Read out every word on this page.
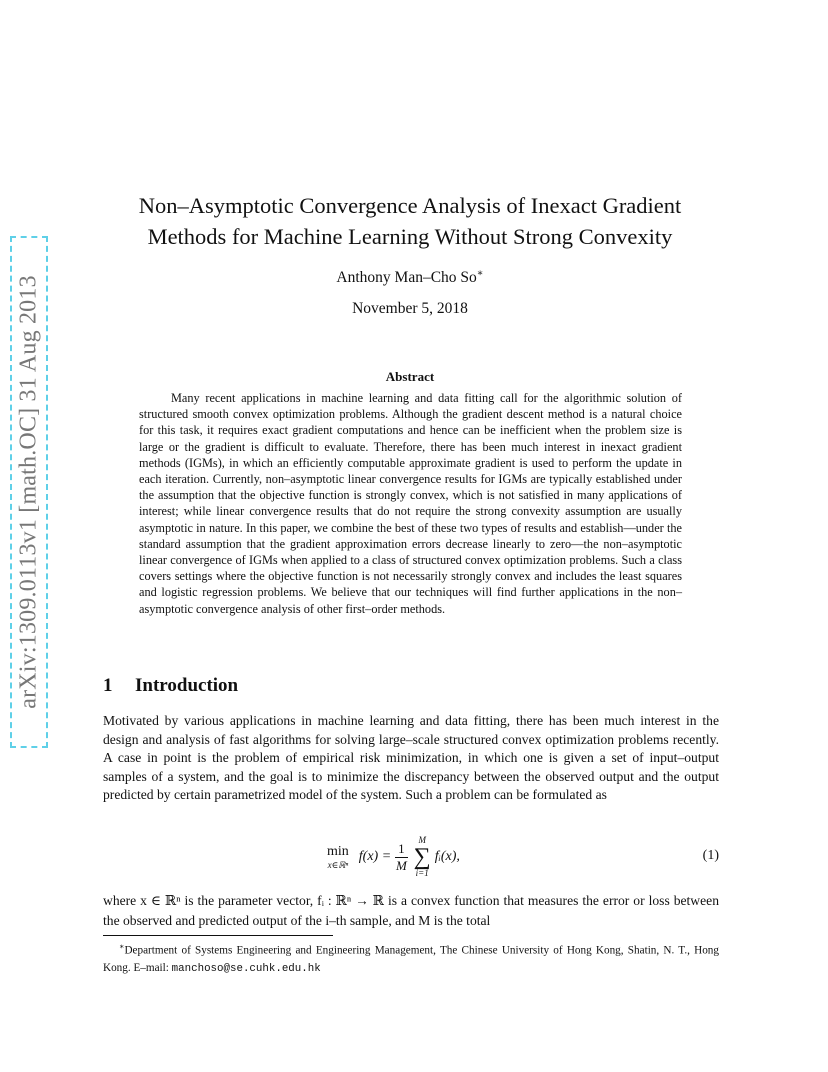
arXiv:1309.0113v1 [math.OC] 31 Aug 2013
Non–Asymptotic Convergence Analysis of Inexact Gradient
Methods for Machine Learning Without Strong Convexity
Anthony Man–Cho So∗
November 5, 2018
Abstract
Many recent applications in machine learning and data fitting call for the algorithmic solution of structured smooth convex optimization problems. Although the gradient descent method is a natural choice for this task, it requires exact gradient computations and hence can be inefficient when the problem size is large or the gradient is difficult to evaluate. Therefore, there has been much interest in inexact gradient methods (IGMs), in which an efficiently computable approximate gradient is used to perform the update in each iteration. Currently, non–asymptotic linear convergence results for IGMs are typically established under the assumption that the objective function is strongly convex, which is not satisfied in many applications of interest; while linear convergence results that do not require the strong convexity assumption are usually asymptotic in nature. In this paper, we combine the best of these two types of results and establish—under the standard assumption that the gradient approximation errors decrease linearly to zero—the non–asymptotic linear convergence of IGMs when applied to a class of structured convex optimization problems. Such a class covers settings where the objective function is not necessarily strongly convex and includes the least squares and logistic regression problems. We believe that our techniques will find further applications in the non–asymptotic convergence analysis of other first–order methods.
1 Introduction
Motivated by various applications in machine learning and data fitting, there has been much interest in the design and analysis of fast algorithms for solving large–scale structured convex optimization problems recently. A case in point is the problem of empirical risk minimization, in which one is given a set of input–output samples of a system, and the goal is to minimize the discrepancy between the observed output and the output predicted by certain parametrized model of the system. Such a problem can be formulated as
min
x∈ℝⁿ
$f(x) = \frac{1}{M}$
M
∑
i=1
fᵢ(x),	(1)
where x ∈ ℝⁿ is the parameter vector, fᵢ : ℝⁿ → ℝ is a convex function that measures the error or loss between the observed and predicted output of the i–th sample, and M is the total
∗Department of Systems Engineering and Engineering Management, The Chinese University of Hong Kong, Shatin, N. T., Hong Kong. E–mail: manchoso@se.cuhk.edu.hk
